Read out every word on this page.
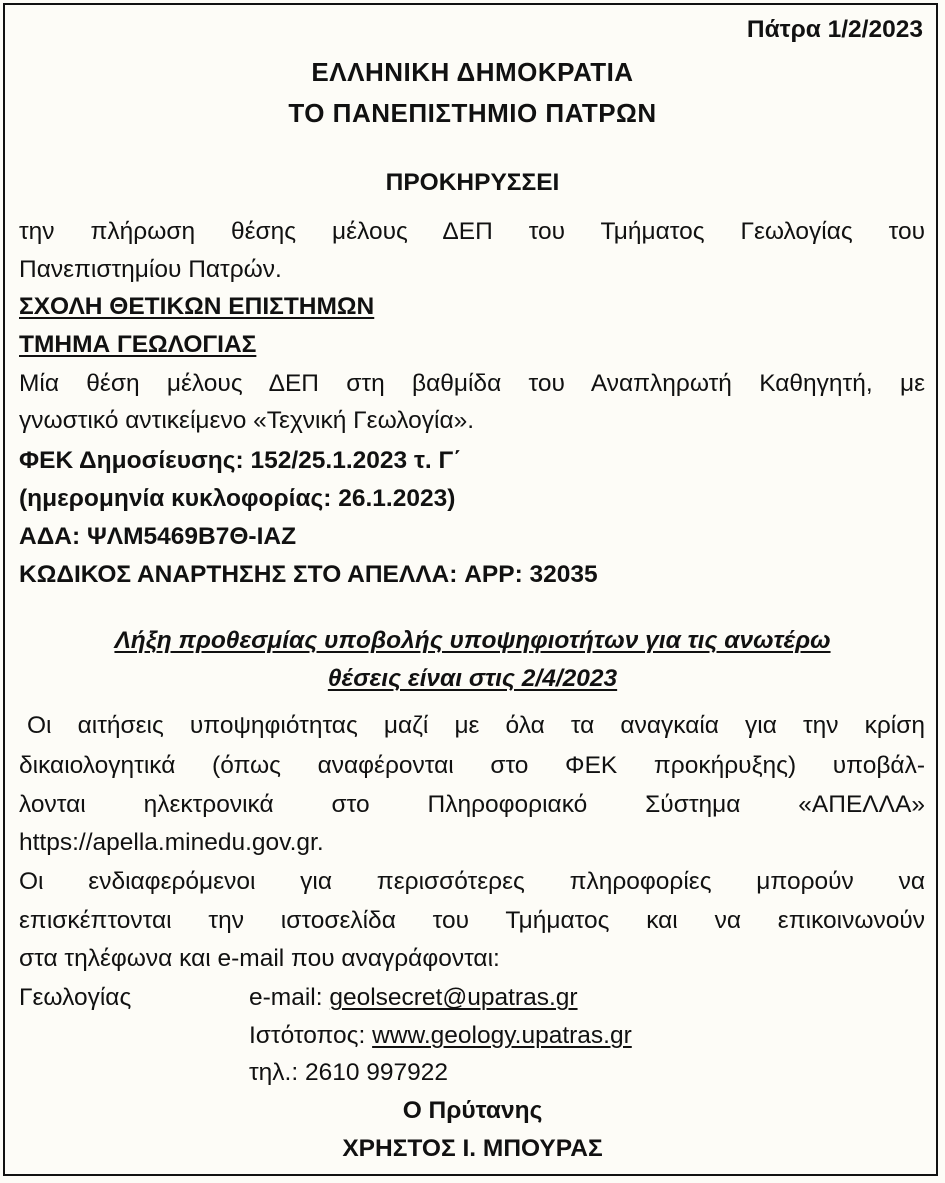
Πάτρα 1/2/2023
ΕΛΛΗΝΙΚΗ ΔΗΜΟΚΡΑΤΙΑ
ΤΟ ΠΑΝΕΠΙΣΤΗΜΙΟ ΠΑΤΡΩΝ
ΠΡΟΚΗΡΥΣΣΕΙ
την πλήρωση θέσης μέλους ΔΕΠ του Τμήματος Γεωλογίας του
Πανεπιστημίου Πατρών.
ΣΧΟΛΗ ΘΕΤΙΚΩΝ ΕΠΙΣΤΗΜΩΝ
ΤΜΗΜΑ ΓΕΩΛΟΓΙΑΣ
Μία θέση μέλους ΔΕΠ στη βαθμίδα του Αναπληρωτή Καθηγητή, με
γνωστικό αντικείμενο «Τεχνική Γεωλογία».
ΦΕΚ Δημοσίευσης: 152/25.1.2023 τ. Γ΄
(ημερομηνία κυκλοφορίας: 26.1.2023)
ΑΔΑ: ΨΛΜ5469Β7Θ-ΙΑΖ
ΚΩΔΙΚΟΣ ΑΝΑΡΤΗΣΗΣ ΣΤΟ ΑΠΕΛΛΑ: APP: 32035
Λήξη προθεσμίας υποβολής υποψηφιοτήτων για τις ανωτέρω
θέσεις είναι στις 2/4/2023
Οι αιτήσεις υποψηφιότητας μαζί με όλα τα αναγκαία για την κρίση
δικαιολογητικά (όπως αναφέρονται στο ΦΕΚ προκήρυξης) υποβάλ-
λονται ηλεκτρονικά στο Πληροφοριακό Σύστημα «ΑΠΕΛΛΑ»
https://apella.minedu.gov.gr.
Οι ενδιαφερόμενοι για περισσότερες πληροφορίες μπορούν να
επισκέπτονται την ιστοσελίδα του Τμήματος και να επικοινωνούν
στα τηλέφωνα και e-mail που αναγράφονται:
Γεωλογίας	e-mail: geolsecret@upatras.gr
Ιστότοπος: www.geology.upatras.gr
τηλ.: 2610 997922
Ο Πρύτανης
ΧΡΗΣΤΟΣ Ι. ΜΠΟΥΡΑΣ
